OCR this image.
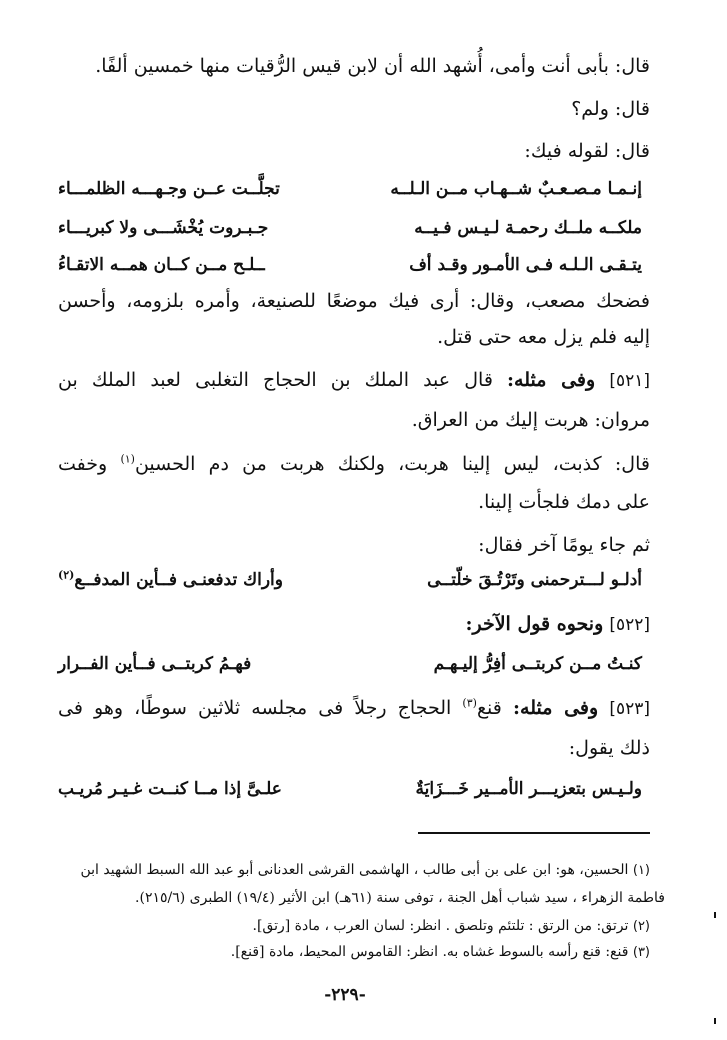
قال: بأبى أنت وأمى، أُشهد الله أن لابن قيس الرُّقيات منها خمسين ألفًا.
قال: ولم؟
قال: لقوله فيك:
إنـمـا مـصـعـبٌ شــهـاب مــن الـلــه
تجلَّــت عــن وجـهـــه الظلمـــاء
ملكــه ملــك رحمـة لـيـس فـيــه
جـبـروت يُخْشَـــى ولا كبريـــاء
يتـقـى الـلـه فـى الأمـور وقـد أف
ــلـح مــن كــان همــه الاتقـاءُ
فضحك مصعب، وقال: أرى فيك موضعًا للصنيعة، وأمره بلزومه، وأحسن
إليه فلم يزل معه حتى قتل.
[٥٢١] وفى مثله: قال عبد الملك بن الحجاج التغلبى لعبد الملك بن
مروان: هربت إليك من العراق.
قال: كذبت، ليس إلينا هربت، ولكنك هربت من دم الحسين$^{(١)}$ وخفت
على دمك فلجأت إلينا.
ثم جاء يومًا آخر فقال:
أدلـو لـــترحمنى وتَرْتُـقَ خلّتــى
وأراك تدفعنـى فــأين المدفــع$^{(٢)}$
[٥٢٢] ونحوه قول الآخر:
كنـتُ مــن كربتــى أفِرُّ إليـهـم
فهـمُ كربتــى فــأين الفــرار
[٥٢٣] وفى مثله: قنع$^{(٣)}$ الحجاج رجلاً فى مجلسه ثلاثين سوطًا، وهو فى
ذلك يقول:
ولـيـس بتعزيـــر الأمــير خَـــزَايَةٌ
علـىَّ إذا مــا كنــت غـيـر مُريـب
(١) الحسين، هو: ابن على بن أبى طالب ، الهاشمى القرشى العدنانى أبو عبد الله السبط الشهيد ابن
فاطمة الزهراء ، سيد شباب أهل الجنة ، توفى سنة (٦١هـ) ابن الأثير (١٩/٤) الطبرى (٢١٥/٦).
(٢) ترتق: من الرتق : تلتئم وتلصق . انظر: لسان العرب ، مادة [رتق].
(٣) قنع: قنع رأسه بالسوط غشاه به. انظر: القاموس المحيط، مادة [قنع].
-٢٢٩-
